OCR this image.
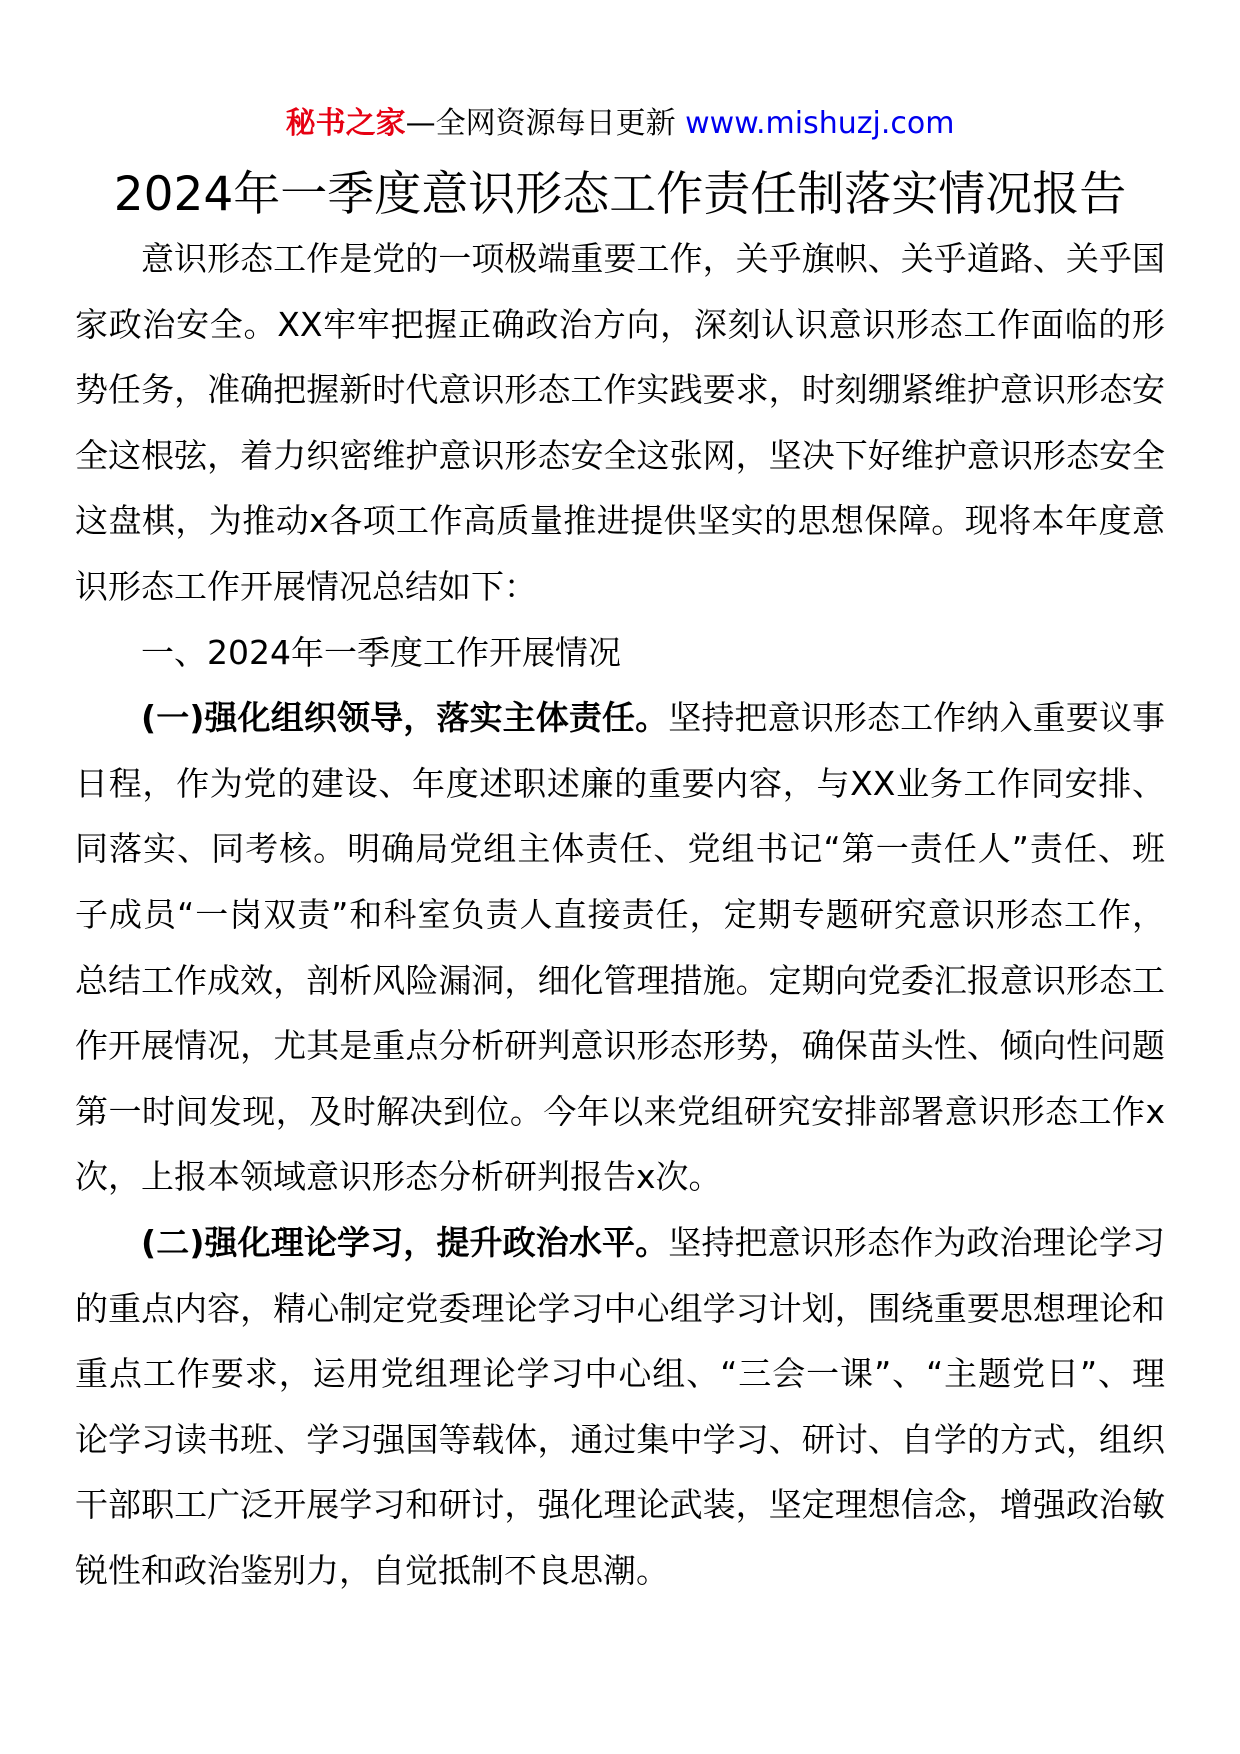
秘书之家—全网资源每日更新 www.mishuzj.com
2024年一季度意识形态工作责任制落实情况报告

意识形态工作是党的一项极端重要工作，关乎旗帜、关乎道路、关乎国家政治安全。XX牢牢把握正确政治方向，深刻认识意识形态工作面临的形势任务，准确把握新时代意识形态工作实践要求，时刻绷紧维护意识形态安全这根弦，着力织密维护意识形态安全这张网，坚决下好维护意识形态安全这盘棋，为推动x各项工作高质量推进提供坚实的思想保障。现将本年度意识形态工作开展情况总结如下：

一、2024年一季度工作开展情况

(一)强化组织领导，落实主体责任。坚持把意识形态工作纳入重要议事日程，作为党的建设、年度述职述廉的重要内容，与XX业务工作同安排、同落实、同考核。明确局党组主体责任、党组书记“第一责任人”责任、班子成员“一岗双责”和科室负责人直接责任，定期专题研究意识形态工作，总结工作成效，剖析风险漏洞，细化管理措施。定期向党委汇报意识形态工作开展情况，尤其是重点分析研判意识形态形势，确保苗头性、倾向性问题第一时间发现，及时解决到位。今年以来党组研究安排部署意识形态工作x次，上报本领域意识形态分析研判报告x次。

(二)强化理论学习，提升政治水平。坚持把意识形态作为政治理论学习的重点内容，精心制定党委理论学习中心组学习计划，围绕重要思想理论和重点工作要求，运用党组理论学习中心组、“三会一课”、“主题党日”、理论学习读书班、学习强国等载体，通过集中学习、研讨、自学的方式，组织干部职工广泛开展学习和研讨，强化理论武装，坚定理想信念，增强政治敏锐性和政治鉴别力，自觉抵制不良思潮。
